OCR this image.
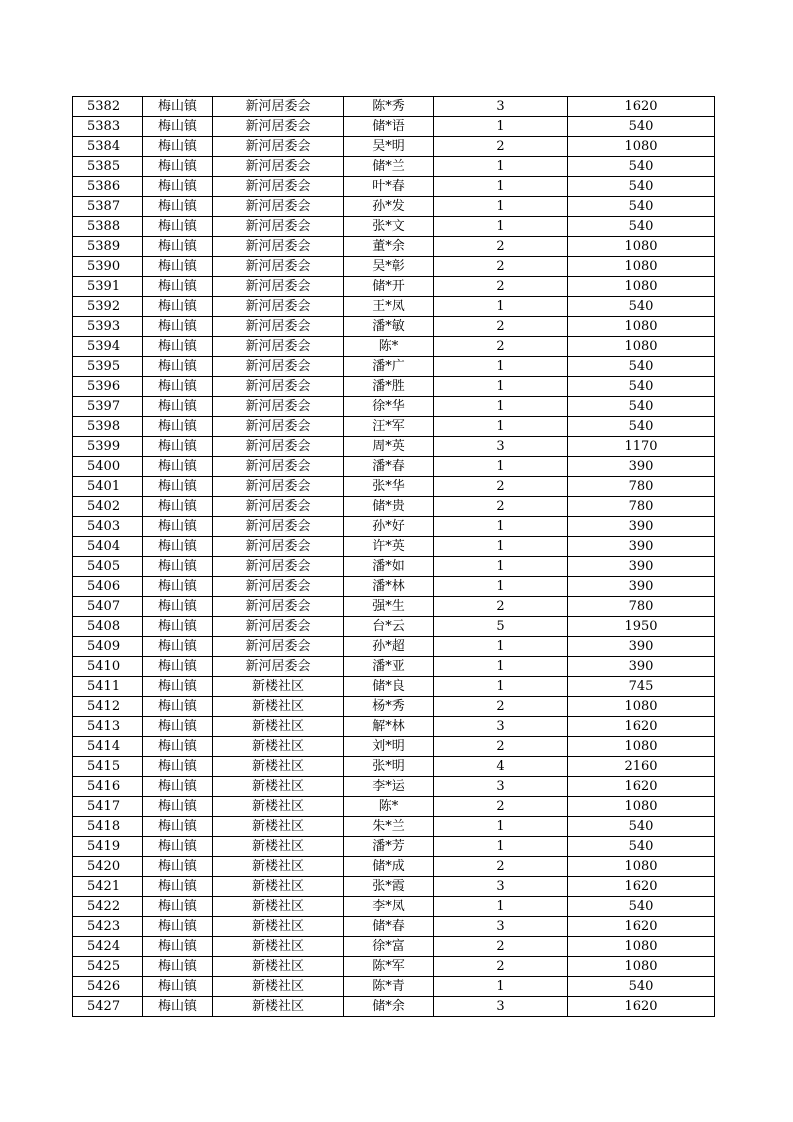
5382	梅山镇	新河居委会	陈*秀	3	1620
5383	梅山镇	新河居委会	储*语	1	540
5384	梅山镇	新河居委会	吴*明	2	1080
5385	梅山镇	新河居委会	储*兰	1	540
5386	梅山镇	新河居委会	叶*春	1	540
5387	梅山镇	新河居委会	孙*发	1	540
5388	梅山镇	新河居委会	张*文	1	540
5389	梅山镇	新河居委会	董*余	2	1080
5390	梅山镇	新河居委会	吴*彰	2	1080
5391	梅山镇	新河居委会	储*开	2	1080
5392	梅山镇	新河居委会	王*凤	1	540
5393	梅山镇	新河居委会	潘*敏	2	1080
5394	梅山镇	新河居委会	陈*	2	1080
5395	梅山镇	新河居委会	潘*广	1	540
5396	梅山镇	新河居委会	潘*胜	1	540
5397	梅山镇	新河居委会	徐*华	1	540
5398	梅山镇	新河居委会	汪*军	1	540
5399	梅山镇	新河居委会	周*英	3	1170
5400	梅山镇	新河居委会	潘*春	1	390
5401	梅山镇	新河居委会	张*华	2	780
5402	梅山镇	新河居委会	储*贵	2	780
5403	梅山镇	新河居委会	孙*好	1	390
5404	梅山镇	新河居委会	许*英	1	390
5405	梅山镇	新河居委会	潘*如	1	390
5406	梅山镇	新河居委会	潘*林	1	390
5407	梅山镇	新河居委会	强*生	2	780
5408	梅山镇	新河居委会	台*云	5	1950
5409	梅山镇	新河居委会	孙*超	1	390
5410	梅山镇	新河居委会	潘*亚	1	390
5411	梅山镇	新楼社区	储*良	1	745
5412	梅山镇	新楼社区	杨*秀	2	1080
5413	梅山镇	新楼社区	解*林	3	1620
5414	梅山镇	新楼社区	刘*明	2	1080
5415	梅山镇	新楼社区	张*明	4	2160
5416	梅山镇	新楼社区	李*运	3	1620
5417	梅山镇	新楼社区	陈*	2	1080
5418	梅山镇	新楼社区	朱*兰	1	540
5419	梅山镇	新楼社区	潘*芳	1	540
5420	梅山镇	新楼社区	储*成	2	1080
5421	梅山镇	新楼社区	张*霞	3	1620
5422	梅山镇	新楼社区	李*凤	1	540
5423	梅山镇	新楼社区	储*春	3	1620
5424	梅山镇	新楼社区	徐*富	2	1080
5425	梅山镇	新楼社区	陈*军	2	1080
5426	梅山镇	新楼社区	陈*青	1	540
5427	梅山镇	新楼社区	储*余	3	1620
